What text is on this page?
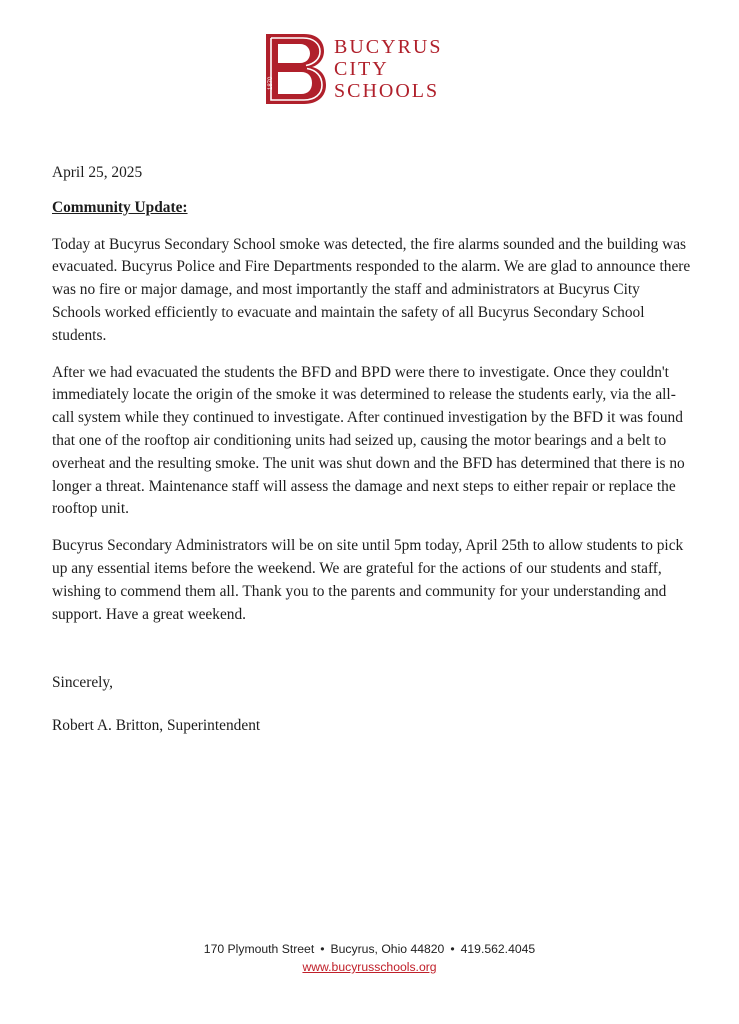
1870
BUCYRUS
CITY
SCHOOLS
April 25, 2025
Community Update:

Today at Bucyrus Secondary School smoke was detected, the fire alarms sounded and the building was evacuated. Bucyrus Police and Fire Departments responded to the alarm. We are glad to announce there was no fire or major damage, and most importantly the staff and administrators at Bucyrus City Schools worked efficiently to evacuate and maintain the safety of all Bucyrus Secondary School students.

After we had evacuated the students the BFD and BPD were there to investigate. Once they couldn't immediately locate the origin of the smoke it was determined to release the students early, via the all-call system while they continued to investigate. After continued investigation by the BFD it was found that one of the rooftop air conditioning units had seized up, causing the motor bearings and a belt to overheat and the resulting smoke. The unit was shut down and the BFD has determined that there is no longer a threat. Maintenance staff will assess the damage and next steps to either repair or replace the rooftop unit.

Bucyrus Secondary Administrators will be on site until 5pm today, April 25th to allow students to pick up any essential items before the weekend. We are grateful for the actions of our students and staff, wishing to commend them all. Thank you to the parents and community for your understanding and support. Have a great weekend.

Sincerely,
Robert A. Britton, Superintendent
170 Plymouth Street • Bucyrus, Ohio 44820 • 419.562.4045
www.bucyrusschools.org
